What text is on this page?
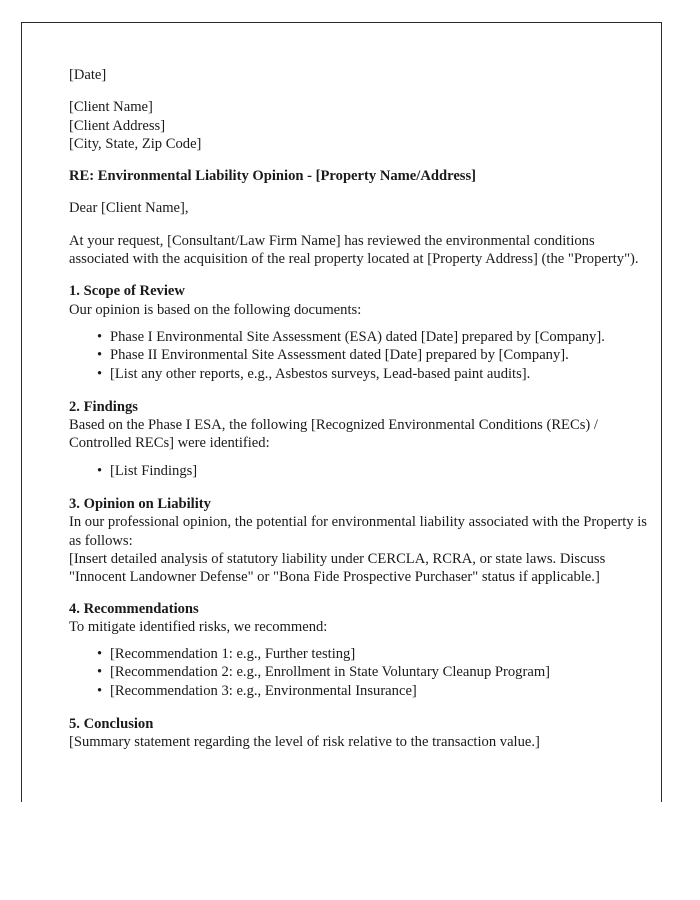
[Date]

[Client Name]
[Client Address]
[City, State, Zip Code]

RE: Environmental Liability Opinion - [Property Name/Address]

Dear [Client Name],

At your request, [Consultant/Law Firm Name] has reviewed the environmental conditions associated with the acquisition of the real property located at [Property Address] (the "Property").

1. Scope of Review

Our opinion is based on the following documents:

• Phase I Environmental Site Assessment (ESA) dated [Date] prepared by [Company].
• Phase II Environmental Site Assessment dated [Date] prepared by [Company].
• [List any other reports, e.g., Asbestos surveys, Lead-based paint audits].

2. Findings

Based on the Phase I ESA, the following [Recognized Environmental Conditions (RECs) / Controlled RECs] were identified:

• [List Findings]

3. Opinion on Liability

In our professional opinion, the potential for environmental liability associated with the Property is as follows:

[Insert detailed analysis of statutory liability under CERCLA, RCRA, or state laws. Discuss "Innocent Landowner Defense" or "Bona Fide Prospective Purchaser" status if applicable.]

4. Recommendations

To mitigate identified risks, we recommend:

• [Recommendation 1: e.g., Further testing]
• [Recommendation 2: e.g., Enrollment in State Voluntary Cleanup Program]
• [Recommendation 3: e.g., Environmental Insurance]

5. Conclusion

[Summary statement regarding the level of risk relative to the transaction value.]
